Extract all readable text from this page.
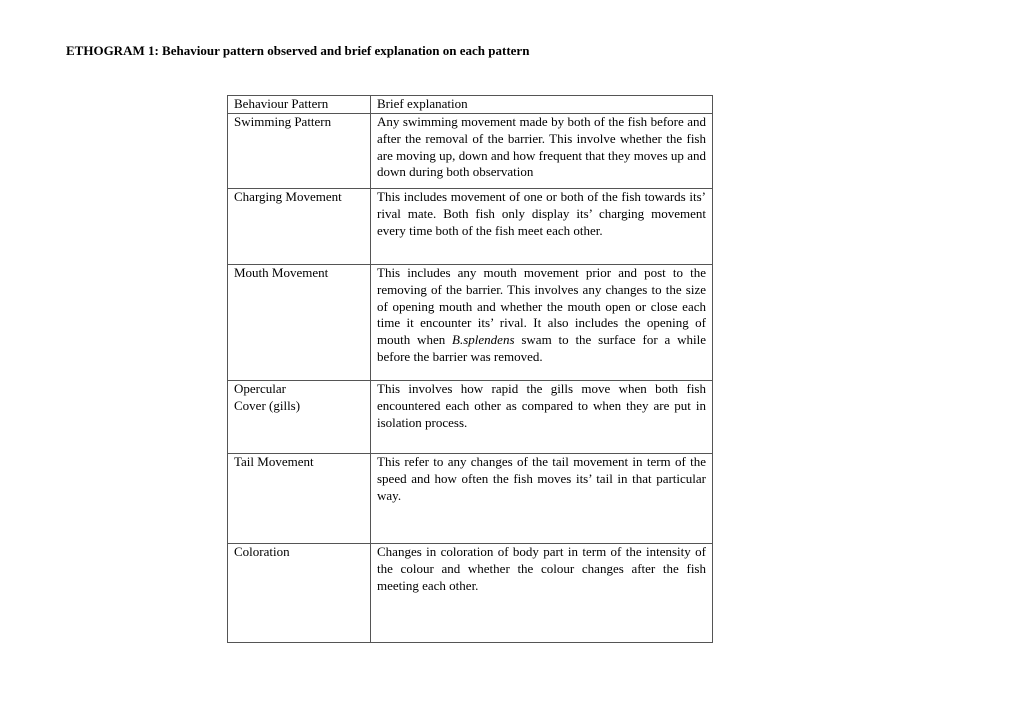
ETHOGRAM 1: Behaviour pattern observed and brief explanation on each pattern
Behaviour Pattern	Brief explanation
Swimming Pattern	Any swimming movement made by both of the fish before and after the removal of the barrier. This involve whether the fish are moving up, down and how frequent that they moves up and down during both observation
Charging Movement	This includes movement of one or both of the fish towards its’ rival mate. Both fish only display its’ charging movement every time both of the fish meet each other.
Mouth Movement	This includes any mouth movement prior and post to the removing of the barrier. This involves any changes to the size of opening mouth and whether the mouth open or close each time it encounter its’ rival. It also includes the opening of mouth when B.splendens swam to the surface for a while before the barrier was removed.

Opercular
Cover (gills)	This involves how rapid the gills move when both fish encountered each other as compared to when they are put in isolation process.
Tail Movement	This refer to any changes of the tail movement in term of the speed and how often the fish moves its’ tail in that particular way.
Coloration	Changes in coloration of body part in term of the intensity of the colour and whether the colour changes after the fish meeting each other.
